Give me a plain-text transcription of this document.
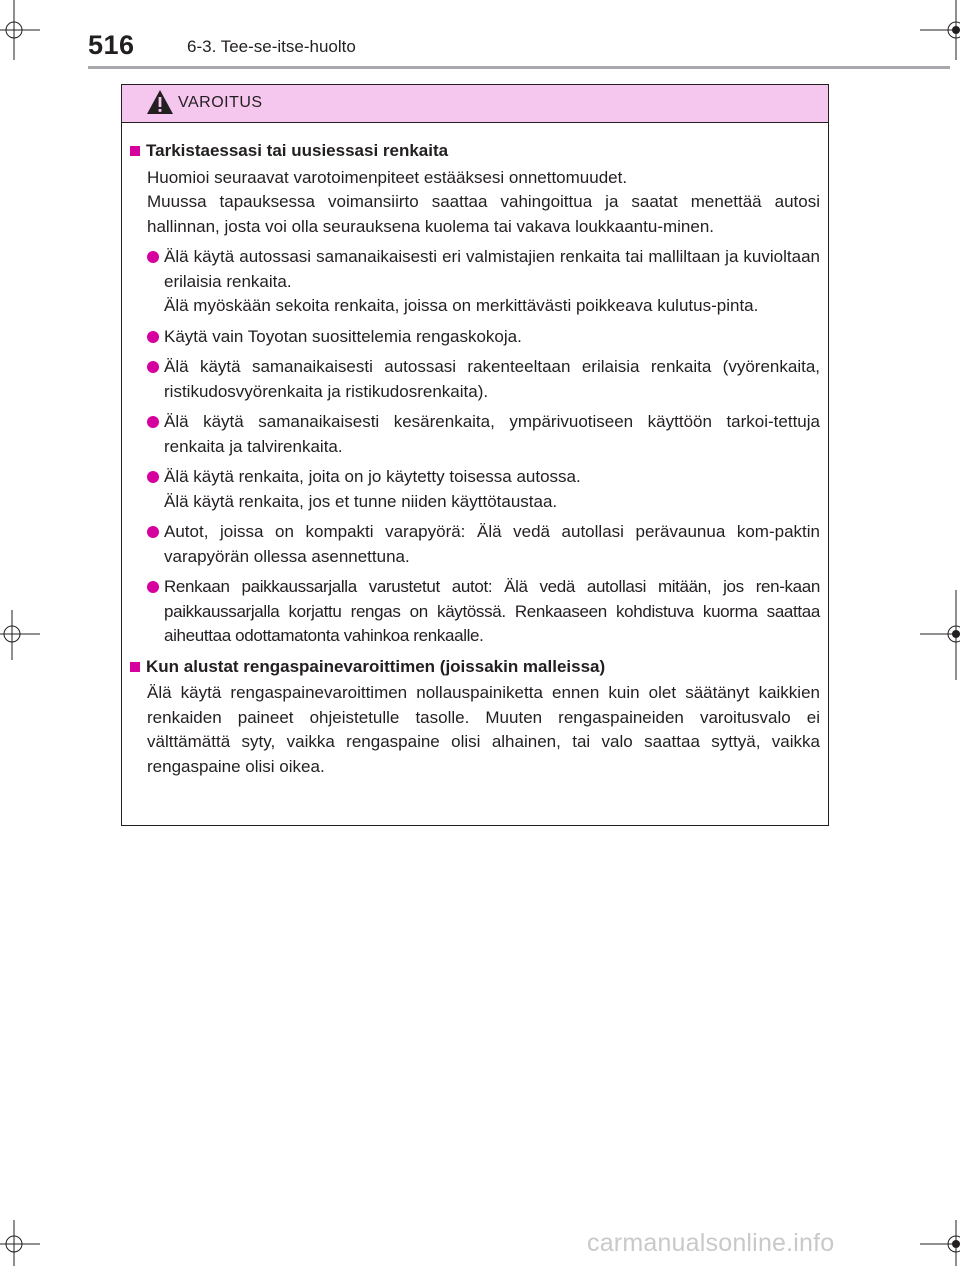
516	6-3. Tee-se-itse-huolto
VAROITUS
Tarkistaessasi tai uusiessasi renkaita
Huomioi seuraavat varotoimenpiteet estääksesi onnettomuudet.
Muussa tapauksessa voimansiirto saattaa vahingoittua ja saatat menettää autosi hallinnan, josta voi olla seurauksena kuolema tai vakava loukkaantu-minen.
Älä käytä autossasi samanaikaisesti eri valmistajien renkaita tai malliltaan ja kuvioltaan erilaisia renkaita.
Älä myöskään sekoita renkaita, joissa on merkittävästi poikkeava kulutus-pinta.
Käytä vain Toyotan suosittelemia rengaskokoja.
Älä käytä samanaikaisesti autossasi rakenteeltaan erilaisia renkaita (vyörenkaita, ristikudosvyörenkaita ja ristikudosrenkaita).
Älä käytä samanaikaisesti kesärenkaita, ympärivuotiseen käyttöön tarkoi-tettuja renkaita ja talvirenkaita.
Älä käytä renkaita, joita on jo käytetty toisessa autossa.
Älä käytä renkaita, jos et tunne niiden käyttötaustaa.
Autot, joissa on kompakti varapyörä: Älä vedä autollasi perävaunua kom-paktin varapyörän ollessa asennettuna.
Renkaan paikkaussarjalla varustetut autot: Älä vedä autollasi mitään, jos ren-kaan paikkaussarjalla korjattu rengas on käytössä. Renkaaseen kohdistuva kuorma saattaa aiheuttaa odottamatonta vahinkoa renkaalle.
Kun alustat rengaspainevaroittimen (joissakin malleissa)
Älä käytä rengaspainevaroittimen nollauspainiketta ennen kuin olet säätänyt kaikkien renkaiden paineet ohjeistetulle tasolle. Muuten rengaspaineiden varoitusvalo ei välttämättä syty, vaikka rengaspaine olisi alhainen, tai valo saattaa syttyä, vaikka rengaspaine olisi oikea.
carmanualsonline.info
